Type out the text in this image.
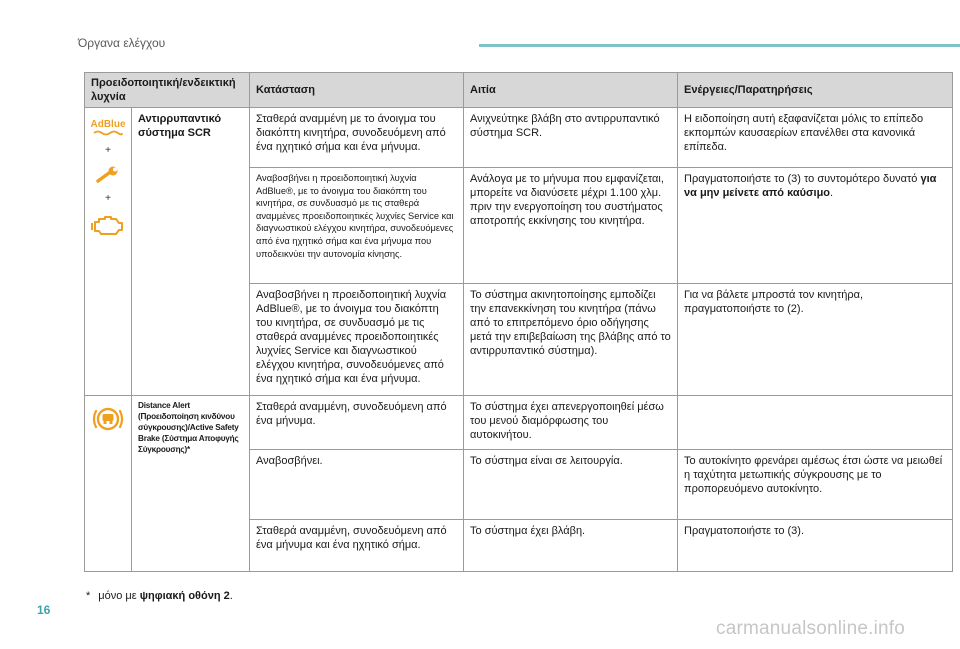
Όργανα ελέγχου
Προειδοποιητική/ενδεικτική λυχνία		Κατάσταση	Αιτία	Ενέργειες/Παρατηρήσεις

AdBlue
+
+	Αντιρρυπαντικό σύστημα SCR	Σταθερά αναμμένη με το άνοιγμα του διακόπτη κινητήρα, συνοδευόμενη από ένα ηχητικό σήμα και ένα μήνυμα.	Ανιχνεύτηκε βλάβη στο αντιρρυπαντικό σύστημα SCR.	Η ειδοποίηση αυτή εξαφανίζεται μόλις το επίπεδο εκπομπών καυσαερίων επανέλθει στα κανονικά επίπεδα.
		Αναβοσβήνει η προειδοποιητική λυχνία AdBlue®, με το άνοιγμα του διακόπτη του κινητήρα, σε συνδυασμό με τις σταθερά αναμμένες προειδοποιητικές λυχνίες Service και διαγνωστικού ελέγχου κινητήρα, συνοδευόμενες από ένα ηχητικό σήμα και ένα μήνυμα που υποδεικνύει την αυτονομία κίνησης.	Ανάλογα με το μήνυμα που εμφανίζεται, μπορείτε να διανύσετε μέχρι 1.100 χλμ. πριν την ενεργοποίηση του συστήματος αποτροπής εκκίνησης του κινητήρα.	Πραγματοποιήστε το (3) το συντομότερο δυνατό για να μην μείνετε από καύσιμο.
		Αναβοσβήνει η προειδοποιητική λυχνία AdBlue®, με το άνοιγμα του διακόπτη του κινητήρα, σε συνδυασμό με τις σταθερά αναμμένες προειδοποιητικές λυχνίες Service και διαγνωστικού ελέγχου κινητήρα, συνοδευόμενες από ένα ηχητικό σήμα και ένα μήνυμα.	Το σύστημα ακινητοποίησης εμποδίζει την επανεκκίνηση του κινητήρα (πάνω από το επιτρεπόμενο όριο οδήγησης μετά την επιβεβαίωση της βλάβης από το αντιρρυπαντικό σύστημα).	Για να βάλετε μπροστά τον κινητήρα, πραγματοποιήστε το (2).
	Distance Alert (Προειδοποίηση κινδύνου σύγκρουσης)/Active Safety Brake (Σύστημα Αποφυγής Σύγκρουσης)*	Σταθερά αναμμένη, συνοδευόμενη από ένα μήνυμα.	Το σύστημα έχει απενεργοποιηθεί μέσω του μενού διαμόρφωσης του αυτοκινήτου.	
		Αναβοσβήνει.	Το σύστημα είναι σε λειτουργία.	Το αυτοκίνητο φρενάρει αμέσως έτσι ώστε να μειωθεί η ταχύτητα μετωπικής σύγκρουσης με το προπορευόμενο αυτοκίνητο.
		Σταθερά αναμμένη, συνοδευόμενη από ένα μήνυμα και ένα ηχητικό σήμα.	Το σύστημα έχει βλάβη.	Πραγματοποιήστε το (3).
* μόνο με ψηφιακή οθόνη 2.
16
carmanualsonline.info
